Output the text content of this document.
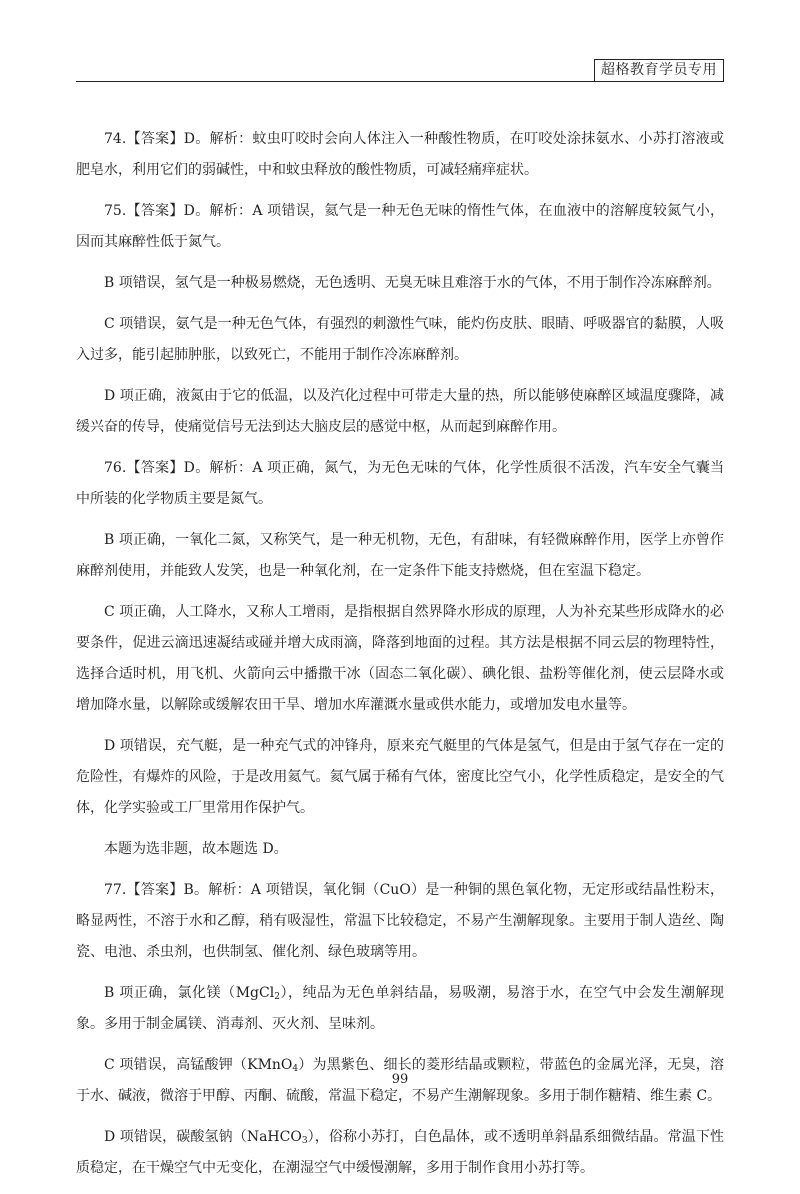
超格教育学员专用

74.【答案】D。解析：蚊虫叮咬时会向人体注入一种酸性物质，在叮咬处涂抹氨水、小苏打溶液或肥皂水，利用它们的弱碱性，中和蚊虫释放的酸性物质，可减轻痛痒症状。

75.【答案】D。解析：A 项错误，氦气是一种无色无味的惰性气体，在血液中的溶解度较氮气小，因而其麻醉性低于氮气。

B 项错误，氢气是一种极易燃烧，无色透明、无臭无味且难溶于水的气体，不用于制作冷冻麻醉剂。

C 项错误，氨气是一种无色气体，有强烈的刺激性气味，能灼伤皮肤、眼睛、呼吸器官的黏膜，人吸入过多，能引起肺肿胀，以致死亡，不能用于制作冷冻麻醉剂。

D 项正确，液氮由于它的低温，以及汽化过程中可带走大量的热，所以能够使麻醉区域温度骤降，减缓兴奋的传导，使痛觉信号无法到达大脑皮层的感觉中枢，从而起到麻醉作用。

76.【答案】D。解析：A 项正确，氮气，为无色无味的气体，化学性质很不活泼，汽车安全气囊当中所装的化学物质主要是氮气。

B 项正确，一氧化二氮，又称笑气，是一种无机物，无色，有甜味，有轻微麻醉作用，医学上亦曾作麻醉剂使用，并能致人发笑，也是一种氧化剂，在一定条件下能支持燃烧，但在室温下稳定。

C 项正确，人工降水，又称人工增雨，是指根据自然界降水形成的原理，人为补充某些形成降水的必要条件，促进云滴迅速凝结或碰并增大成雨滴，降落到地面的过程。其方法是根据不同云层的物理特性，选择合适时机，用飞机、火箭向云中播撒干冰（固态二氧化碳）、碘化银、盐粉等催化剂，使云层降水或增加降水量，以解除或缓解农田干旱、增加水库灌溉水量或供水能力，或增加发电水量等。

D 项错误，充气艇，是一种充气式的冲锋舟，原来充气艇里的气体是氢气，但是由于氢气存在一定的危险性，有爆炸的风险，于是改用氦气。氦气属于稀有气体，密度比空气小，化学性质稳定，是安全的气体，化学实验或工厂里常用作保护气。

本题为选非题，故本题选 D。

77.【答案】B。解析：A 项错误，氧化铜（CuO）是一种铜的黑色氧化物，无定形或结晶性粉末，略显两性，不溶于水和乙醇，稍有吸湿性，常温下比较稳定，不易产生潮解现象。主要用于制人造丝、陶瓷、电池、杀虫剂，也供制氢、催化剂、绿色玻璃等用。

B 项正确，氯化镁（MgCl$_2$），纯品为无色单斜结晶，易吸潮，易溶于水，在空气中会发生潮解现象。多用于制金属镁、消毒剂、灭火剂、呈味剂。

C 项错误，高锰酸钾（KMnO$_4$）为黑紫色、细长的菱形结晶或颗粒，带蓝色的金属光泽，无臭，溶于水、碱液，微溶于甲醇、丙酮、硫酸，常温下稳定，不易产生潮解现象。多用于制作糖精、维生素 C。

D 项错误，碳酸氢钠（NaHCO$_3$），俗称小苏打，白色晶体，或不透明单斜晶系细微结晶。常温下性质稳定，在干燥空气中无变化，在潮湿空气中缓慢潮解，多用于制作食用小苏打等。

99
